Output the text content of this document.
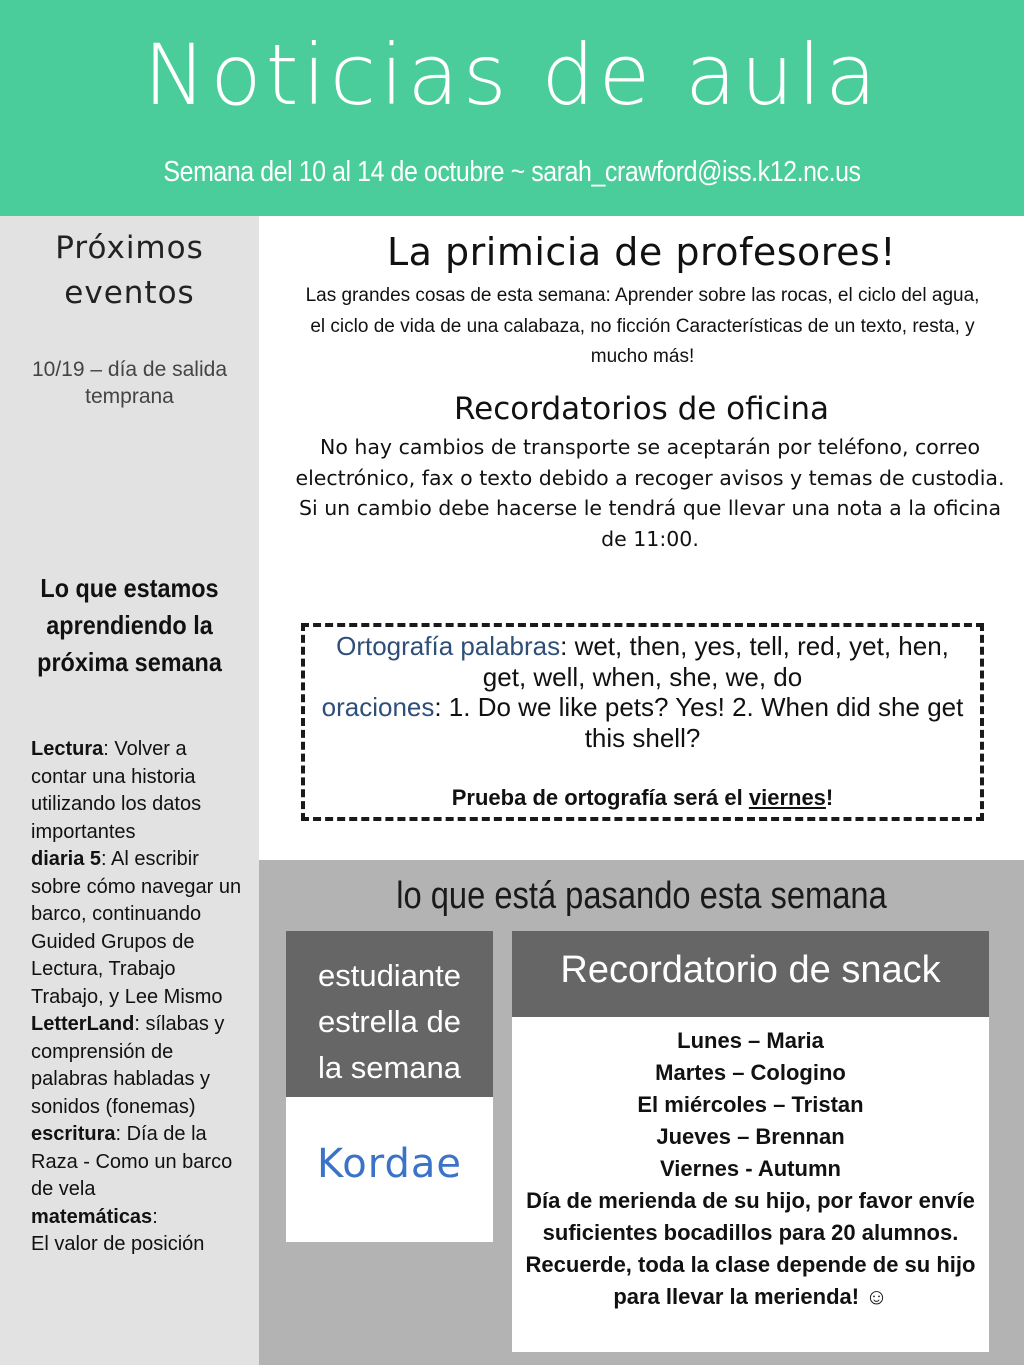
Noticias de aula
Semana del 10 al 14 de octubre ~ sarah_crawford@iss.k12.nc.us
Próximos
eventos
10/19 – día de salida temprana
Lo que estamos aprendiendo la próxima semana
Lectura: Volver a contar una historia utilizando los datos importantes
diaria 5: Al escribir sobre cómo navegar un barco, continuando Guided Grupos de Lectura, Trabajo Trabajo, y Lee Mismo
LetterLand: sílabas y comprensión de palabras habladas y sonidos (fonemas)
escritura: Día de la Raza - Como un barco de vela
matemáticas:
El valor de posición
La primicia de profesores!
Las grandes cosas de esta semana: Aprender sobre las rocas, el ciclo del agua, el ciclo de vida de una calabaza, no ficción Características de un texto, resta, y mucho más!
Recordatorios de oficina
No hay cambios de transporte se aceptarán por teléfono, correo electrónico, fax o texto debido a recoger avisos y temas de custodia.
Si un cambio debe hacerse le tendrá que llevar una nota a la oficina de 11:00.
Ortografía palabras: wet, then, yes, tell, red, yet, hen, get, well, when, she, we, do
oraciones: 1. Do we like pets? Yes! 2. When did she get this shell?
Prueba de ortografía será el viernes!
lo que está pasando esta semana
estudiante
estrella de
la semana
Kordae
Recordatorio de snack
Lunes – Maria
Martes – Cologino
El miércoles – Tristan
Jueves – Brennan
Viernes - Autumn
Día de merienda de su hijo, por favor envíe suficientes bocadillos para 20 alumnos. Recuerde, toda la clase depende de su hijo para llevar la merienda! ☺
